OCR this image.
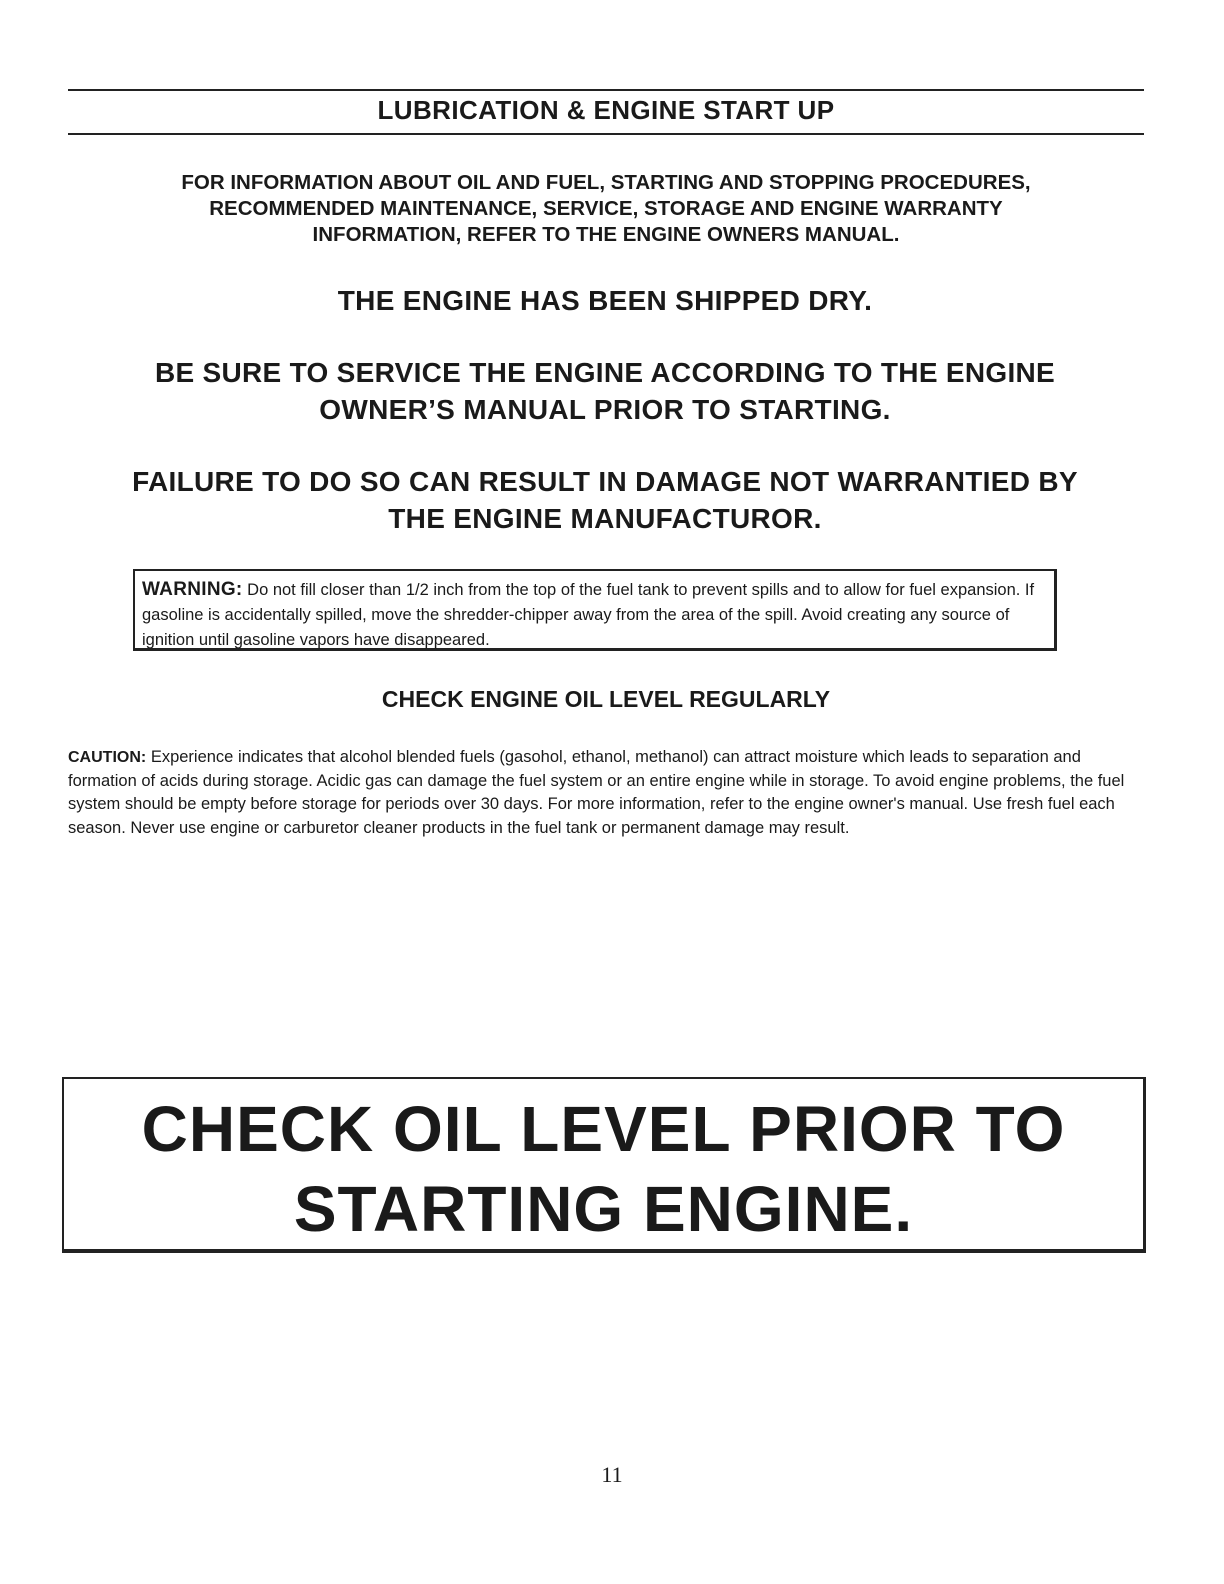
LUBRICATION & ENGINE START UP
FOR INFORMATION ABOUT OIL AND FUEL, STARTING AND STOPPING PROCEDURES,
RECOMMENDED MAINTENANCE, SERVICE, STORAGE AND ENGINE WARRANTY
INFORMATION, REFER TO THE ENGINE OWNERS MANUAL.
THE ENGINE HAS BEEN SHIPPED DRY.
BE SURE TO SERVICE THE ENGINE ACCORDING TO THE ENGINE
OWNER’S MANUAL PRIOR TO STARTING.
FAILURE TO DO SO CAN RESULT IN DAMAGE NOT WARRANTIED BY
THE ENGINE MANUFACTUROR.
WARNING: Do not fill closer than 1/2 inch from the top of the fuel tank to prevent spills and to allow for fuel expansion. If gasoline is accidentally spilled, move the shredder-chipper away from the area of the spill. Avoid creating any source of ignition until gasoline vapors have disappeared.
CHECK ENGINE OIL LEVEL REGULARLY
CAUTION: Experience indicates that alcohol blended fuels (gasohol, ethanol, methanol) can attract moisture which leads to separation and formation of acids during storage. Acidic gas can damage the fuel system or an entire engine while in storage. To avoid engine problems, the fuel system should be empty before storage for periods over 30 days. For more information, refer to the engine owner's manual. Use fresh fuel each season. Never use engine or carburetor cleaner products in the fuel tank or permanent damage may result.
CHECK OIL LEVEL PRIOR TO
STARTING ENGINE.
11
